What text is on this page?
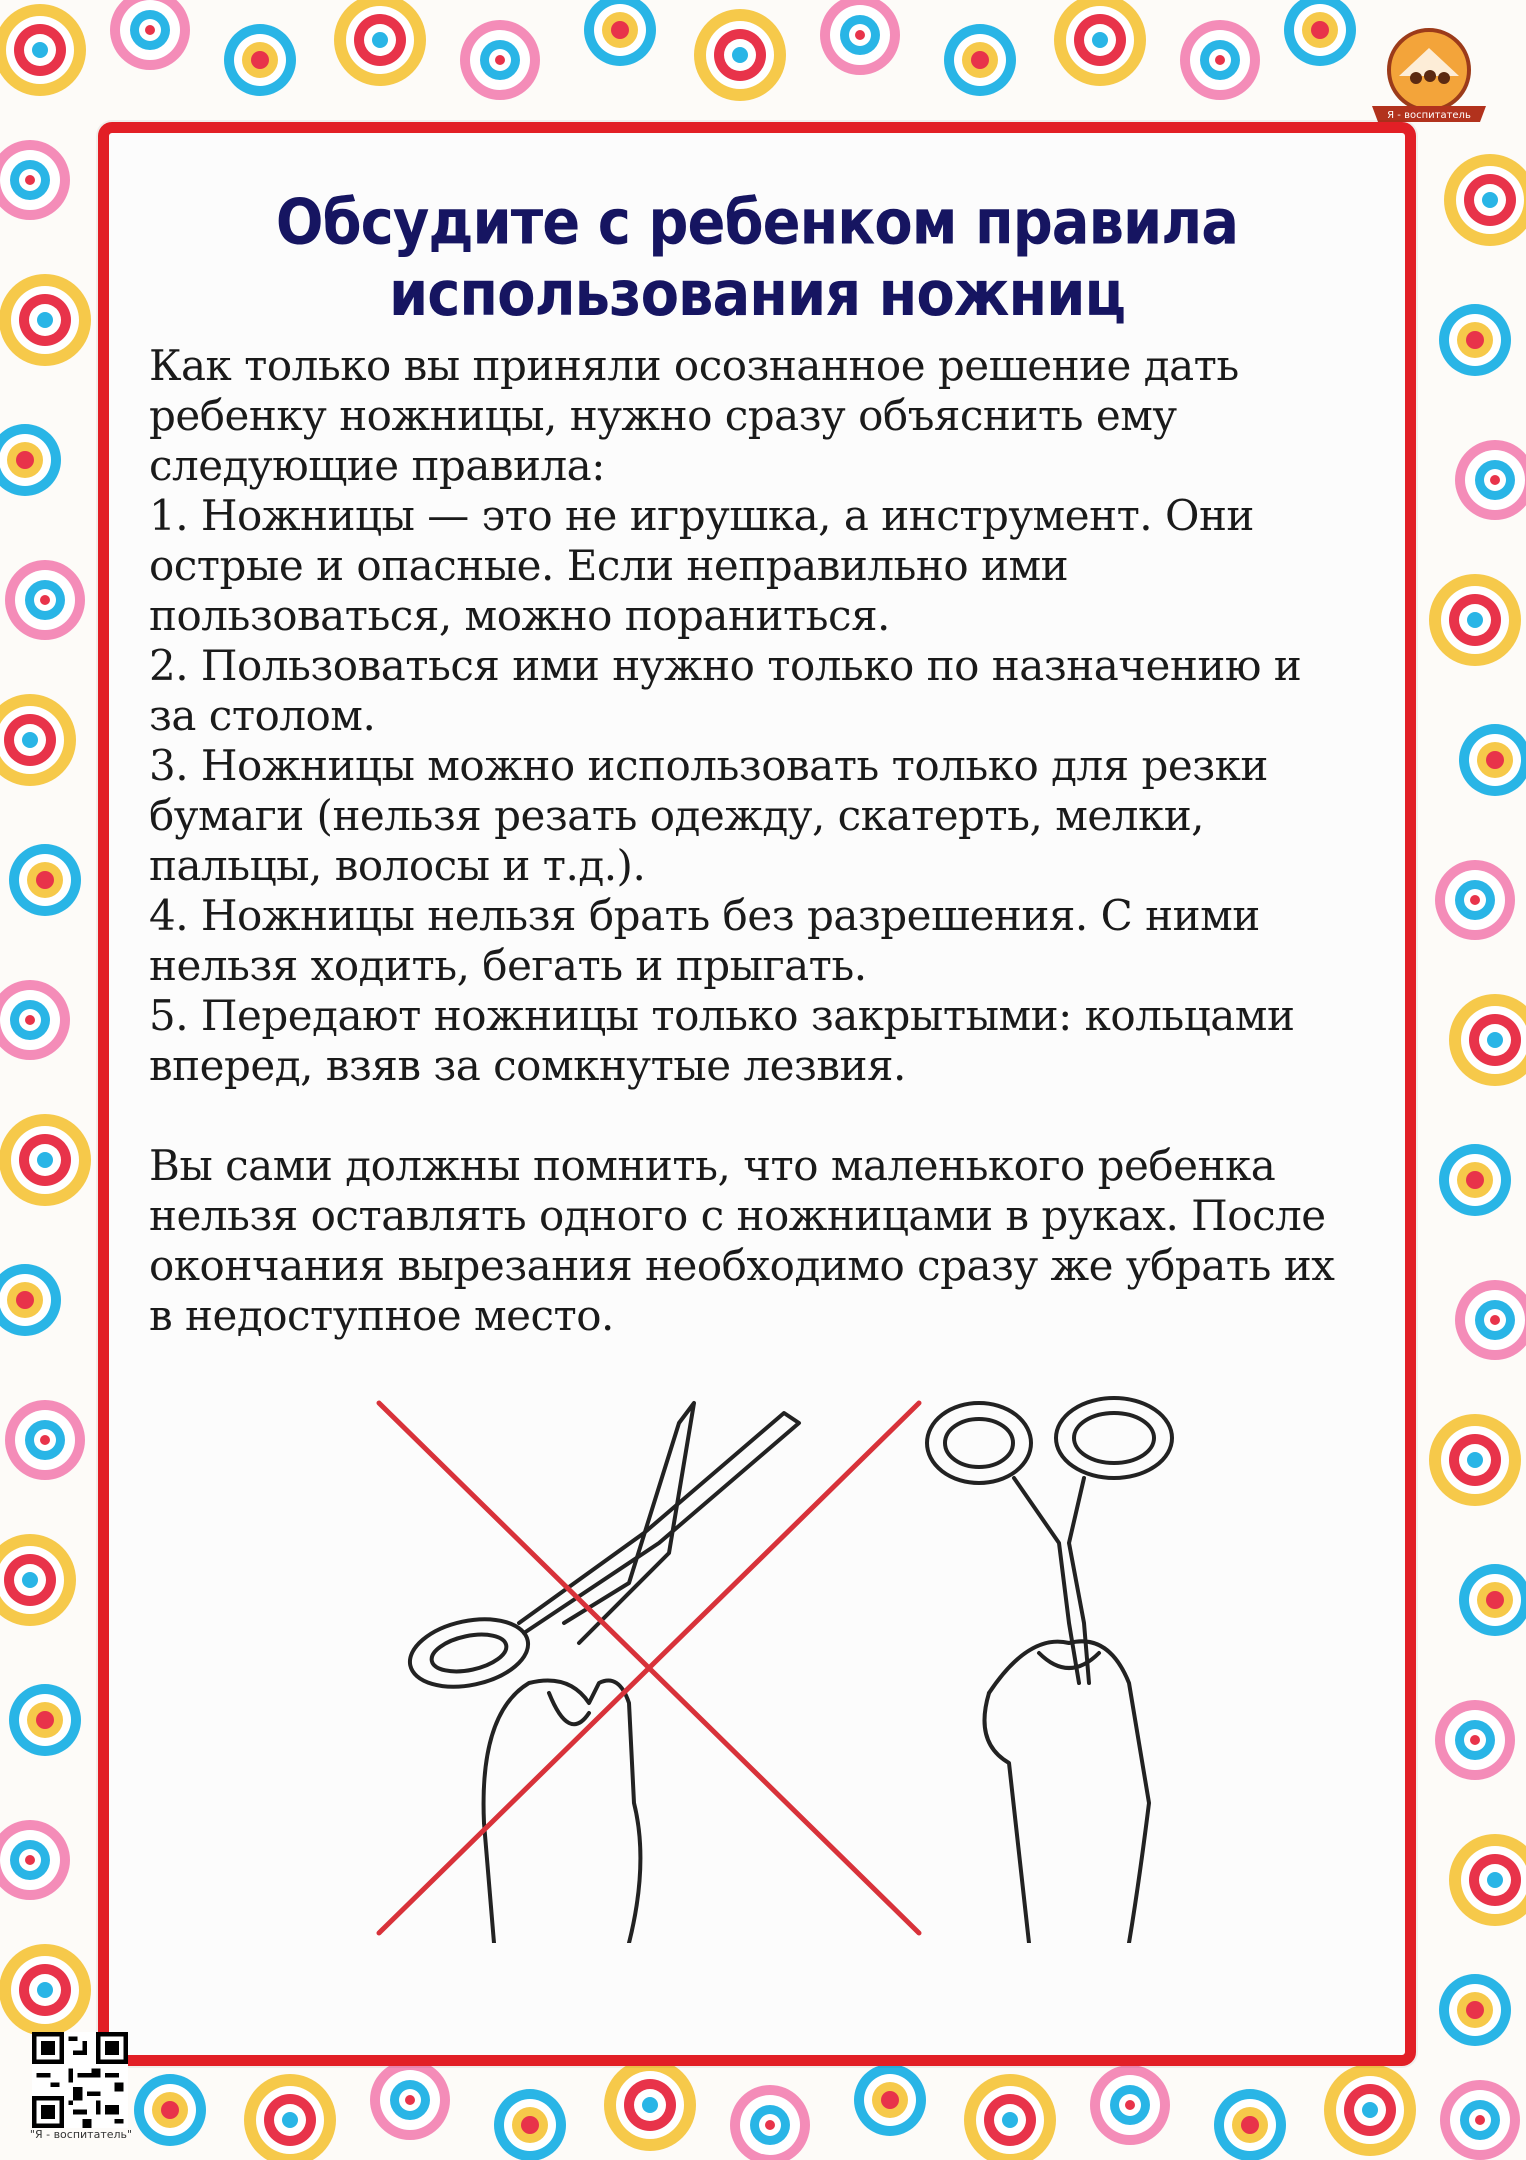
Я - воспитатель
Обсудите с ребенком правила
использования ножниц

Как только вы приняли осознанное решение дать
ребенку ножницы, нужно сразу объяснить ему
следующие правила:

1. Ножницы — это не игрушка, а инструмент. Они
острые и опасные. Если неправильно ими
пользоваться, можно пораниться.

2. Пользоваться ими нужно только по назначению и
за столом.

3. Ножницы можно использовать только для резки
бумаги (нельзя резать одежду, скатерть, мелки,
пальцы, волосы и т.д.).

4. Ножницы нельзя брать без разрешения. С ними
нельзя ходить, бегать и прыгать.

5. Передают ножницы только закрытыми: кольцами
вперед, взяв за сомкнутые лезвия.

Вы сами должны помнить, что маленького ребенка
нельзя оставлять одного с ножницами в руках. После
окончания вырезания необходимо сразу же убрать их
в недоступное место.

"Я - воспитатель"
